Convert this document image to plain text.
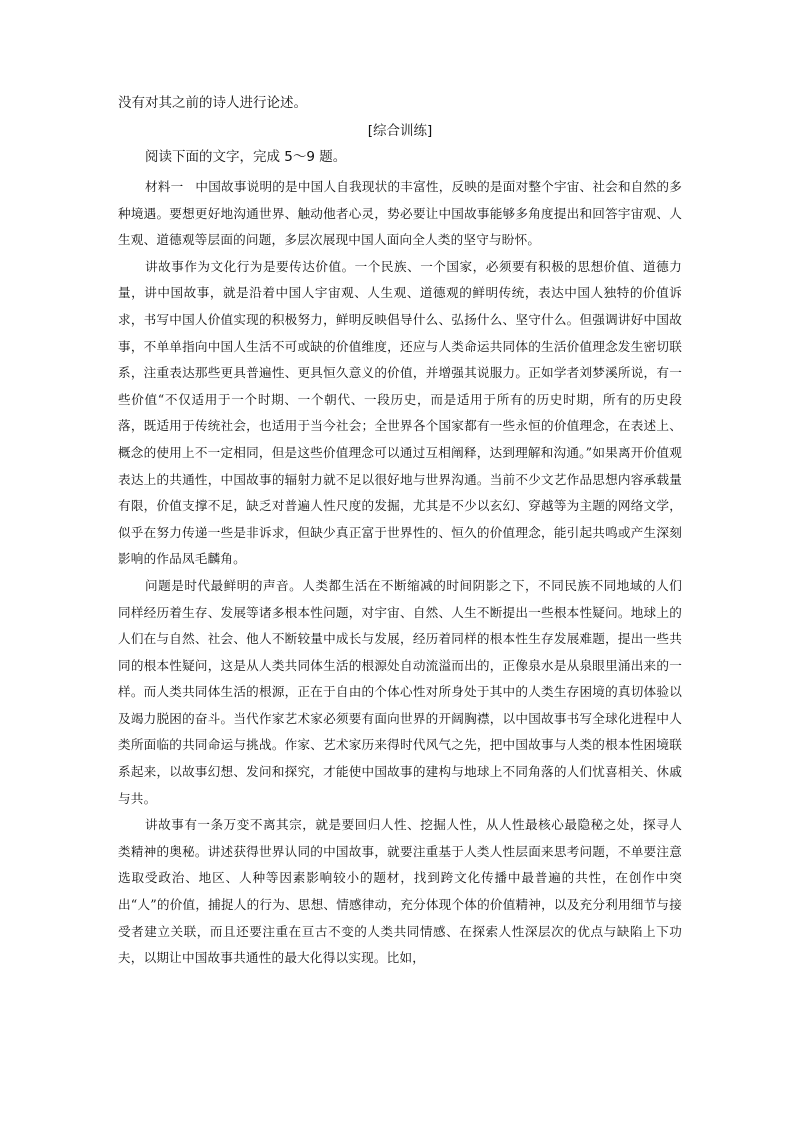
没有对其之前的诗人进行论述。

[综合训练]

阅读下面的文字，完成 5～9 题。

材料一 中国故事说明的是中国人自我现状的丰富性，反映的是面对整个宇宙、社会和自然的多种境遇。要想更好地沟通世界、触动他者心灵，势必要让中国故事能够多角度提出和回答宇宙观、人生观、道德观等层面的问题，多层次展现中国人面向全人类的坚守与盼怀。

讲故事作为文化行为是要传达价值。一个民族、一个国家，必须要有积极的思想价值、道德力量，讲中国故事，就是沿着中国人宇宙观、人生观、道德观的鲜明传统，表达中国人独特的价值诉求，书写中国人价值实现的积极努力，鲜明反映倡导什么、弘扬什么、坚守什么。但强调讲好中国故事，不单单指向中国人生活不可或缺的价值维度，还应与人类命运共同体的生活价值理念发生密切联系，注重表达那些更具普遍性、更具恒久意义的价值，并增强其说服力。正如学者刘梦溪所说，有一些价值“不仅适用于一个时期、一个朝代、一段历史，而是适用于所有的历史时期，所有的历史段落，既适用于传统社会，也适用于当今社会；全世界各个国家都有一些永恒的价值理念，在表述上、概念的使用上不一定相同，但是这些价值理念可以通过互相阐释，达到理解和沟通。”如果离开价值观表达上的共通性，中国故事的辐射力就不足以很好地与世界沟通。当前不少文艺作品思想内容承载量有限，价值支撑不足，缺乏对普遍人性尺度的发掘，尤其是不少以玄幻、穿越等为主题的网络文学，似乎在努力传递一些是非诉求，但缺少真正富于世界性的、恒久的价值理念，能引起共鸣或产生深刻影响的作品凤毛麟角。

问题是时代最鲜明的声音。人类都生活在不断缩减的时间阴影之下，不同民族不同地域的人们同样经历着生存、发展等诸多根本性问题，对宇宙、自然、人生不断提出一些根本性疑问。地球上的人们在与自然、社会、他人不断较量中成长与发展，经历着同样的根本性生存发展难题，提出一些共同的根本性疑问，这是从人类共同体生活的根源处自动流溢而出的，正像泉水是从泉眼里涌出来的一样。而人类共同体生活的根源，正在于自由的个体心性对所身处于其中的人类生存困境的真切体验以及竭力脱困的奋斗。当代作家艺术家必须要有面向世界的开阔胸襟，以中国故事书写全球化进程中人类所面临的共同命运与挑战。作家、艺术家历来得时代风气之先，把中国故事与人类的根本性困境联系起来，以故事幻想、发问和探究，才能使中国故事的建构与地球上不同角落的人们忧喜相关、休戚与共。

讲故事有一条万变不离其宗，就是要回归人性、挖掘人性，从人性最核心最隐秘之处，探寻人类精神的奥秘。讲述获得世界认同的中国故事，就要注重基于人类人性层面来思考问题，不单要注意选取受政治、地区、人种等因素影响较小的题材，找到跨文化传播中最普遍的共性，在创作中突出“人”的价值，捕捉人的行为、思想、情感律动，充分体现个体的价值精神，以及充分利用细节与接受者建立关联，而且还要注重在亘古不变的人类共同情感、在探索人性深层次的优点与缺陷上下功夫，以期让中国故事共通性的最大化得以实现。比如，
